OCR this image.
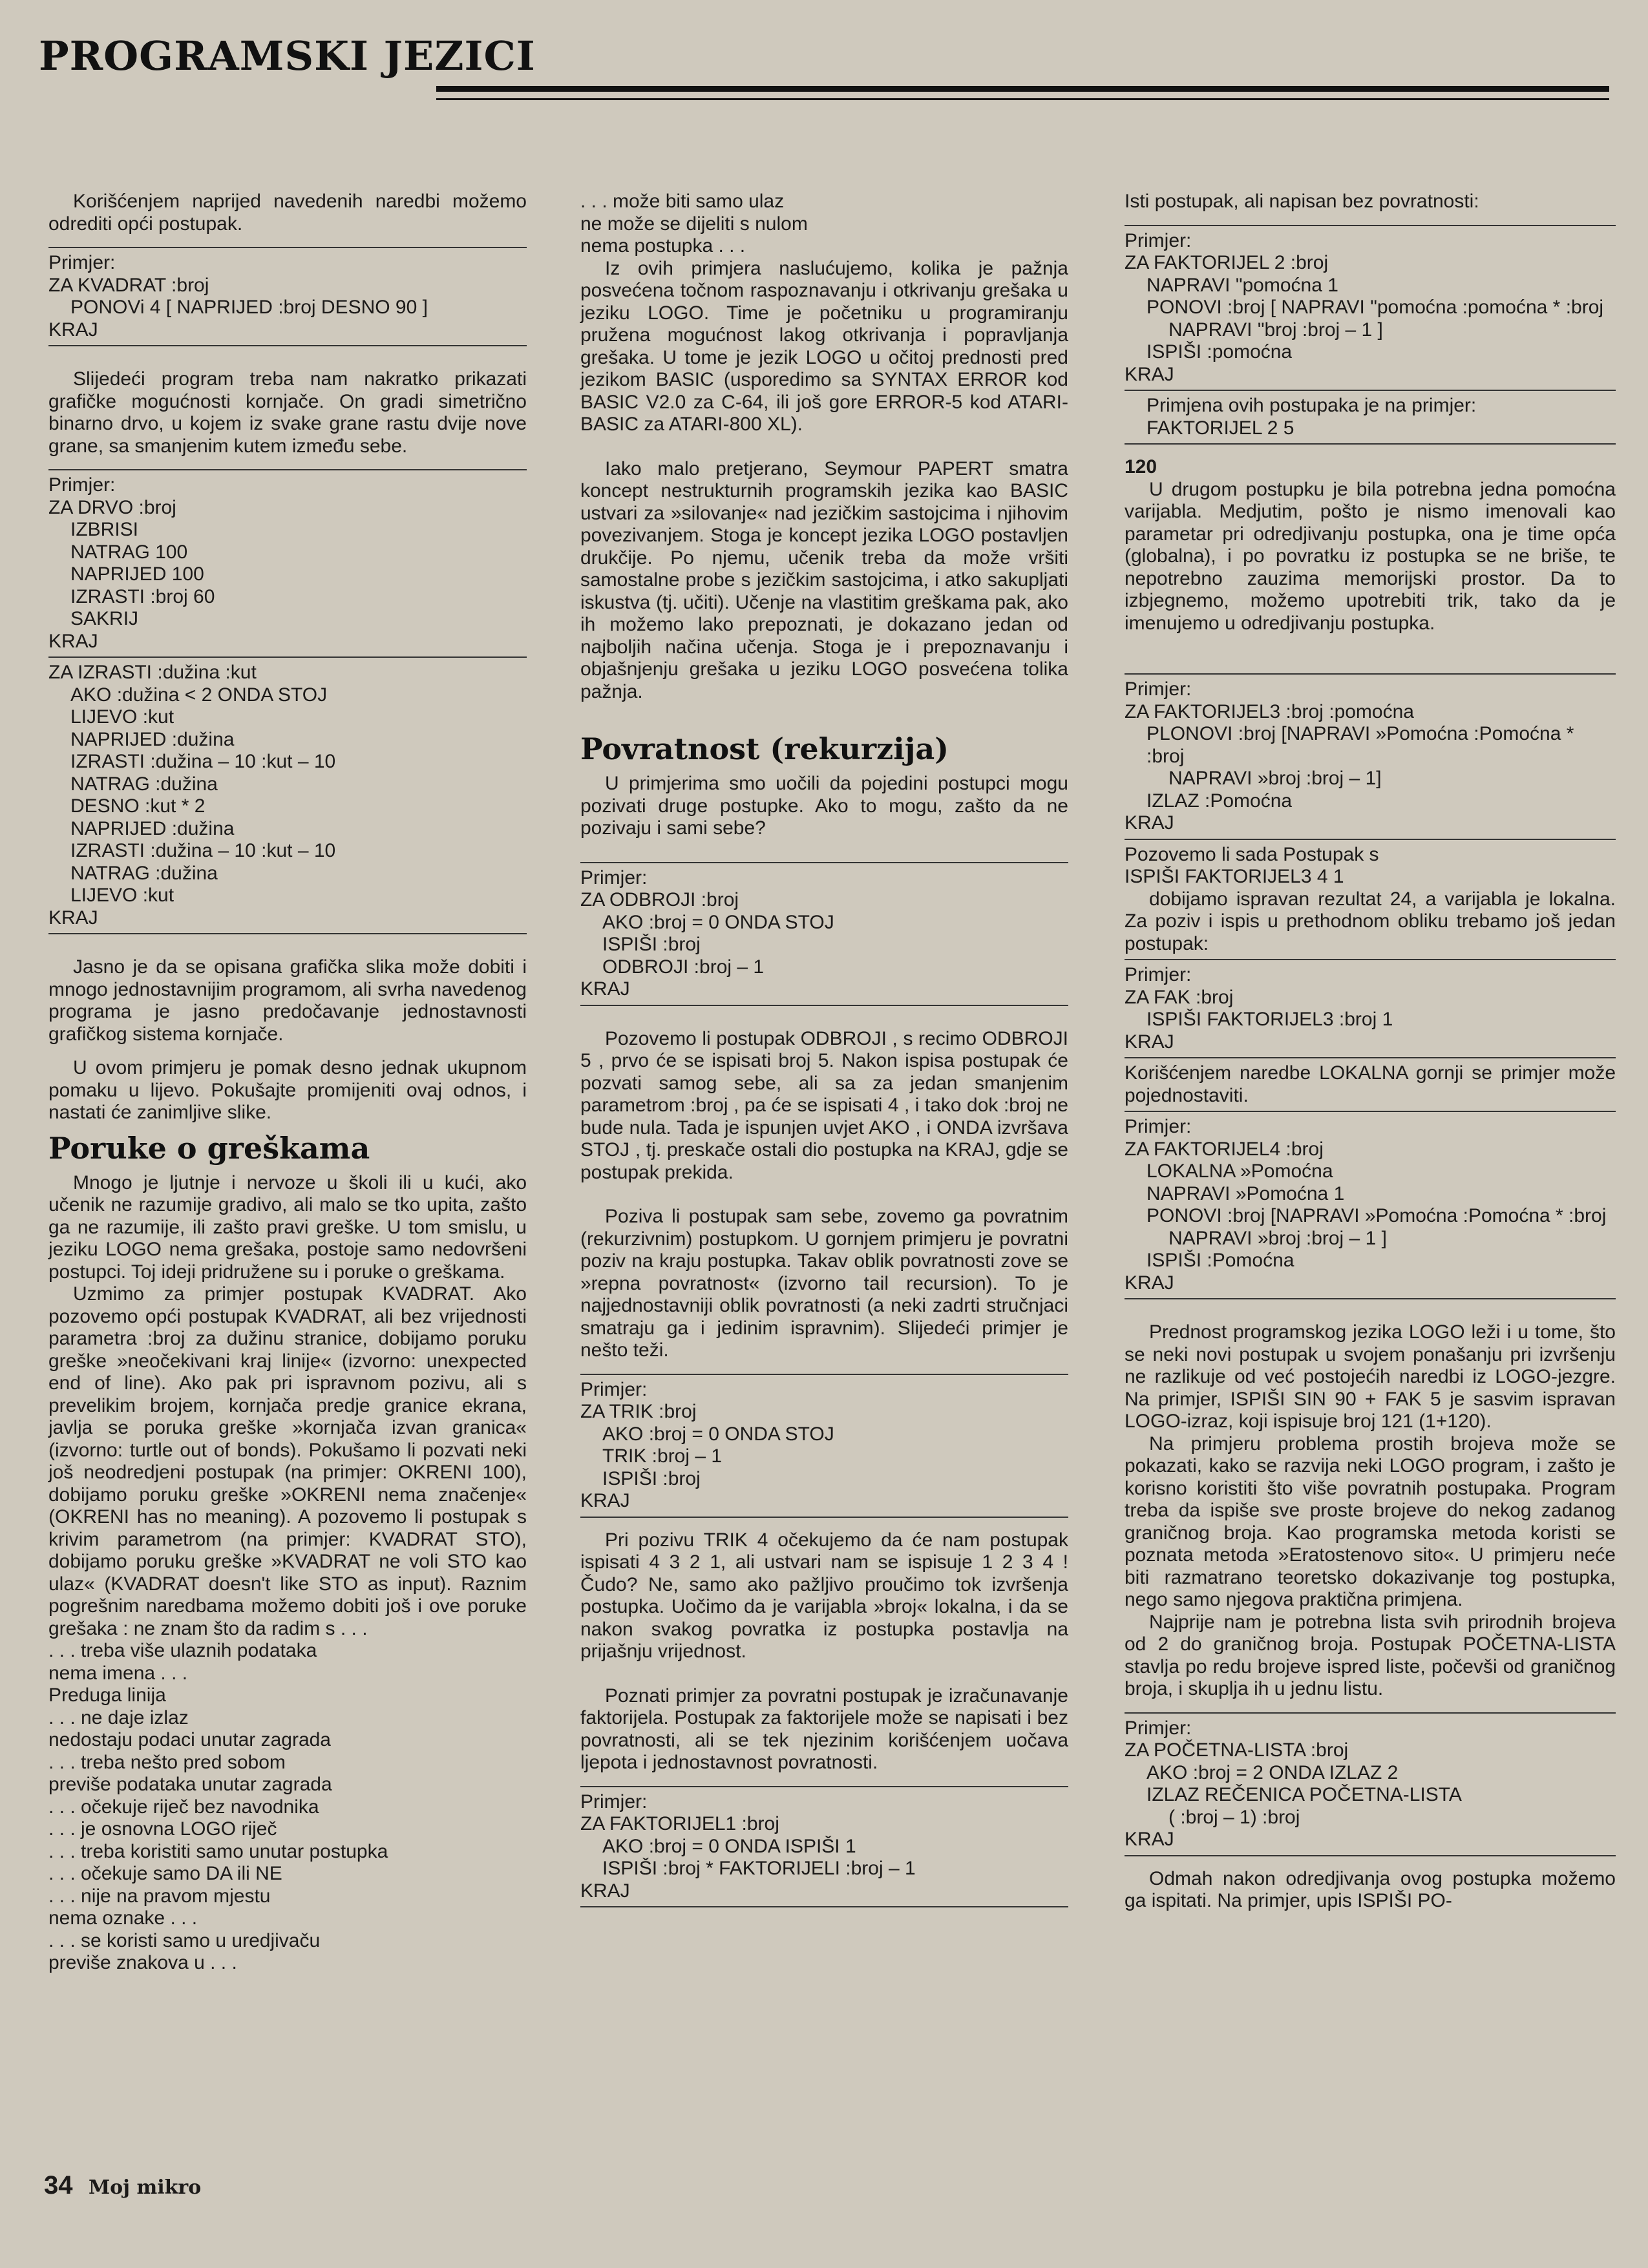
PROGRAMSKI JEZICI

Korišćenjem naprijed navedenih naredbi možemo odrediti opći postupak.

Primjer:

ZA KVADRAT :broj

PONOVi 4 [ NAPRIJED :broj DESNO 90 ]

KRAJ

Slijedeći program treba nam nakratko prikazati grafičke mogućnosti kornjače. On gradi simetrično binarno drvo, u kojem iz svake grane rastu dvije nove grane, sa smanjenim kutem između sebe.

Primjer:

ZA DRVO :broj

IZBRISI

NATRAG 100

NAPRIJED 100

IZRASTI :broj 60

SAKRIJ

KRAJ

ZA IZRASTI :dužina :kut

AKO :dužina < 2 ONDA STOJ

LIJEVO :kut

NAPRIJED :dužina

IZRASTI :dužina – 10 :kut – 10

NATRAG :dužina

DESNO :kut * 2

NAPRIJED :dužina

IZRASTI :dužina – 10 :kut – 10

NATRAG :dužina

LIJEVO :kut

KRAJ

Jasno je da se opisana grafička slika može dobiti i mnogo jednostavnijim programom, ali svrha navedenog programa je jasno predočavanje jednostavnosti grafičkog sistema kornjače.

U ovom primjeru je pomak desno jednak ukupnom pomaku u lijevo. Pokušajte promijeniti ovaj odnos, i nastati će zanimljive slike.

Poruke o greškama

Mnogo je ljutnje i nervoze u školi ili u kući, ako učenik ne razumije gradivo, ali malo se tko upita, zašto ga ne razumije, ili zašto pravi greške. U tom smislu, u jeziku LOGO nema grešaka, postoje samo nedovršeni postupci. Toj ideji pridružene su i poruke o greškama.

Uzmimo za primjer postupak KVADRAT. Ako pozovemo opći postupak KVADRAT, ali bez vrijednosti parametra :broj za dužinu stranice, dobijamo poruku greške »neočekivani kraj linije« (izvorno: unexpected end of line). Ako pak pri ispravnom pozivu, ali s prevelikim brojem, kornjača predje granice ekrana, javlja se poruka greške »kornjača izvan granica« (izvorno: turtle out of bonds). Pokušamo li pozvati neki još neodredjeni postupak (na primjer: OKRENI 100), dobijamo poruku greške »OKRENI nema značenje« (OKRENI has no meaning). A pozovemo li postupak s krivim parametrom (na primjer: KVADRAT STO), dobijamo poruku greške »KVADRAT ne voli STO kao ulaz« (KVADRAT doesn't like STO as input). Raznim pogrešnim naredbama možemo dobiti još i ove poruke grešaka : ne znam što da radim s . . .

. . . treba više ulaznih podataka

nema imena . . .

Preduga linija

. . . ne daje izlaz

nedostaju podaci unutar zagrada

. . . treba nešto pred sobom

previše podataka unutar zagrada

. . . očekuje riječ bez navodnika

. . . je osnovna LOGO riječ

. . . treba koristiti samo unutar postupka

. . . očekuje samo DA ili NE

. . . nije na pravom mjestu

nema oznake . . .

. . . se koristi samo u uredjivaču

previše znakova u . . .

. . . može biti samo ulaz

ne može se dijeliti s nulom

nema postupka . . .

Iz ovih primjera naslućujemo, kolika je pažnja posvećena točnom raspoznavanju i otkrivanju grešaka u jeziku LOGO. Time je početniku u programiranju pružena mogućnost lakog otkrivanja i popravljanja grešaka. U tome je jezik LOGO u očitoj prednosti pred jezikom BASIC (usporedimo sa SYNTAX ERROR kod BASIC V2.0 za C-64, ili još gore ERROR-5 kod ATARI-BASIC za ATARI-800 XL).

Iako malo pretjerano, Seymour PAPERT smatra koncept nestrukturnih programskih jezika kao BASIC ustvari za »silovanje« nad jezičkim sastojcima i njihovim povezivanjem. Stoga je koncept jezika LOGO postavljen drukčije. Po njemu, učenik treba da može vršiti samostalne probe s jezičkim sastojcima, i atko sakupljati iskustva (tj. učiti). Učenje na vlastitim greškama pak, ako ih možemo lako prepoznati, je dokazano jedan od najboljih načina učenja. Stoga je i prepoznavanju i objašnjenju grešaka u jeziku LOGO posvećena tolika pažnja.

Povratnost (rekurzija)

U primjerima smo uočili da pojedini postupci mogu pozivati druge postupke. Ako to mogu, zašto da ne pozivaju i sami sebe?

Primjer:

ZA ODBROJI :broj

AKO :broj = 0 ONDA STOJ

ISPIŠI :broj

ODBROJI :broj – 1

KRAJ

Pozovemo li postupak ODBROJI , s recimo ODBROJI 5 , prvo će se ispisati broj 5. Nakon ispisa postupak će pozvati samog sebe, ali sa za jedan smanjenim parametrom :broj , pa će se ispisati 4 , i tako dok :broj ne bude nula. Tada je ispunjen uvjet AKO , i ONDA izvršava STOJ , tj. preskače ostali dio postupka na KRAJ, gdje se postupak prekida.

Poziva li postupak sam sebe, zovemo ga povratnim (rekurzivnim) postupkom. U gornjem primjeru je povratni poziv na kraju postupka. Takav oblik povratnosti zove se »repna povratnost« (izvorno tail recursion). To je najjednostavniji oblik povratnosti (a neki zadrti stručnjaci smatraju ga i jedinim ispravnim). Slijedeći primjer je nešto teži.

Primjer:

ZA TRIK :broj

AKO :broj = 0 ONDA STOJ

TRIK :broj – 1

ISPIŠI :broj

KRAJ

Pri pozivu TRIK 4 očekujemo da će nam postupak ispisati 4 3 2 1, ali ustvari nam se ispisuje 1 2 3 4 ! Čudo? Ne, samo ako pažljivo proučimo tok izvršenja postupka. Uočimo da je varijabla »broj« lokalna, i da se nakon svakog povratka iz postupka postavlja na prijašnju vrijednost.

Poznati primjer za povratni postupak je izračunavanje faktorijela. Postupak za faktorijele može se napisati i bez povratnosti, ali se tek njezinim korišćenjem uočava ljepota i jednostavnost povratnosti.

Primjer:

ZA FAKTORIJEL1 :broj

AKO :broj = 0 ONDA ISPIŠI 1

ISPIŠI :broj * FAKTORIJELI :broj – 1

KRAJ

Isti postupak, ali napisan bez povratnosti:

Primjer:

ZA FAKTORIJEL 2 :broj

NAPRAVI "pomoćna 1

PONOVI :broj [ NAPRAVI "pomoćna :pomoćna * :broj

NAPRAVI "broj :broj – 1 ]

ISPIŠI :pomoćna

KRAJ

Primjena ovih postupaka je na primjer:

FAKTORIJEL 2 5

120

U drugom postupku je bila potrebna jedna pomoćna varijabla. Medjutim, pošto je nismo imenovali kao parametar pri odredjivanju postupka, ona je time opća (globalna), i po povratku iz postupka se ne briše, te nepotrebno zauzima memorijski prostor. Da to izbjegnemo, možemo upotrebiti trik, tako da je imenujemo u odredjivanju postupka.

Primjer:

ZA FAKTORIJEL3 :broj :pomoćna

PLONOVI :broj [NAPRAVI »Pomoćna :Pomoćna * :broj

NAPRAVI »broj :broj – 1]

IZLAZ :Pomoćna

KRAJ

Pozovemo li sada Postupak s

ISPIŠI FAKTORIJEL3 4 1

dobijamo ispravan rezultat 24, a varijabla je lokalna. Za poziv i ispis u prethodnom obliku trebamo još jedan postupak:

Primjer:

ZA FAK :broj

ISPIŠI FAKTORIJEL3 :broj 1

KRAJ

Korišćenjem naredbe LOKALNA gornji se primjer može pojednostaviti.

Primjer:

ZA FAKTORIJEL4 :broj

LOKALNA »Pomoćna

NAPRAVI »Pomoćna 1

PONOVI :broj [NAPRAVI »Pomoćna :Pomoćna * :broj

NAPRAVI »broj :broj – 1 ]

ISPIŠI :Pomoćna

KRAJ

Prednost programskog jezika LOGO leži i u tome, što se neki novi postupak u svojem ponašanju pri izvršenju ne razlikuje od već postojećih naredbi iz LOGO-jezgre. Na primjer, ISPIŠI SIN 90 + FAK 5 je sasvim ispravan LOGO-izraz, koji ispisuje broj 121 (1+120).

Na primjeru problema prostih brojeva može se pokazati, kako se razvija neki LOGO program, i zašto je korisno koristiti što više povratnih postupaka. Program treba da ispiše sve proste brojeve do nekog zadanog graničnog broja. Kao programska metoda koristi se poznata metoda »Eratostenovo sito«. U primjeru neće biti razmatrano teoretsko dokazivanje tog postupka, nego samo njegova praktična primjena.

Najprije nam je potrebna lista svih prirodnih brojeva od 2 do graničnog broja. Postupak POČETNA-LISTA stavlja po redu brojeve ispred liste, počevši od graničnog broja, i skuplja ih u jednu listu.

Primjer:

ZA POČETNA-LISTA :broj

AKO :broj = 2 ONDA IZLAZ 2

IZLAZ REČENICA POČETNA-LISTA

( :broj – 1) :broj

KRAJ

Odmah nakon odredjivanja ovog postupka možemo ga ispitati. Na primjer, upis ISPIŠI PO-

34 Moj mikro
